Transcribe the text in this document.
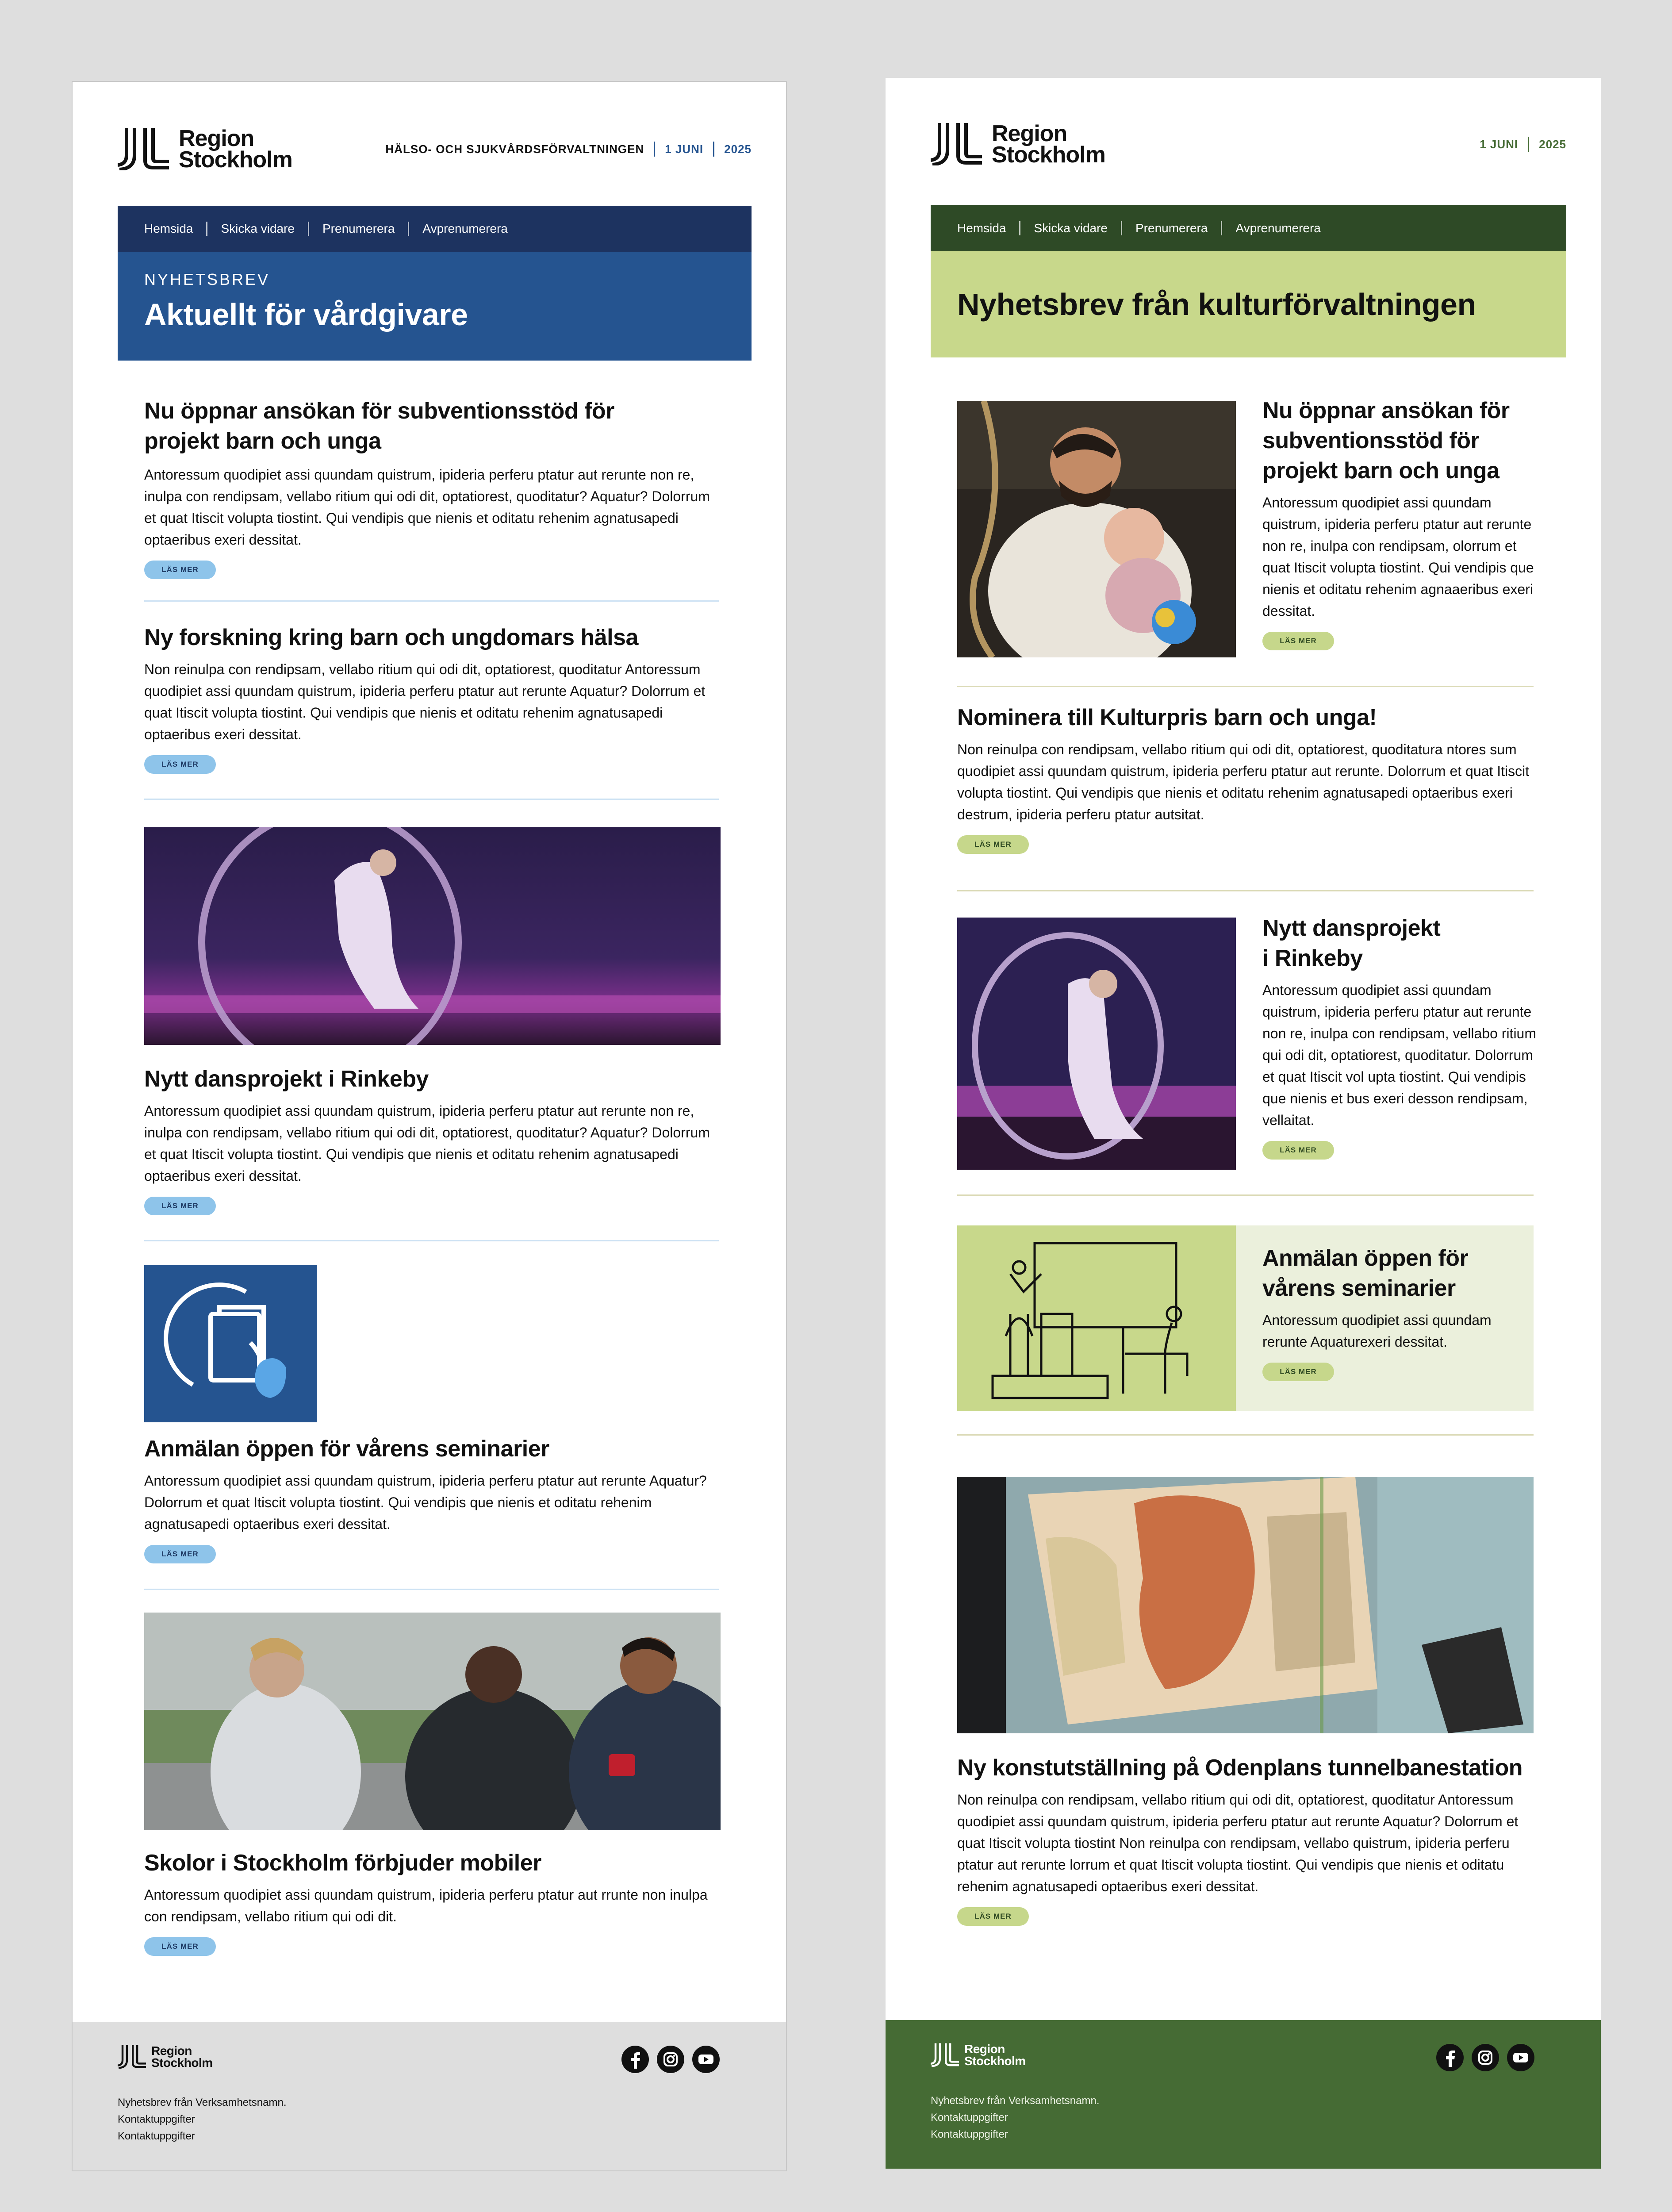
Region
Stockholm	HÄLSO- OCH SJUKVÅRDSFÖRVALTNINGEN 1 JUNI 2025
Hemsida	Skicka vidare	Prenumerera	Avprenumerera
NYHETSBREV
Aktuellt för vårdgivare
Nu öppnar ansökan för subventionsstöd för projekt barn och unga

Antoressum quodipiet assi quundam quistrum, ipideria perferu ptatur aut rerunte non re, inulpa con rendipsam, vellabo ritium qui odi dit, optatiorest, quoditatur? Aquatur? Dolorrum et quat Itiscit volupta tiostint. Qui vendipis que nienis et oditatu rehenim agnatusapedi optaeribus exeri dessitat.

LÄS MER
Ny forskning kring barn och ungdomars hälsa

Non reinulpa con rendipsam, vellabo ritium qui odi dit, optatiorest, quoditatur Antoressum quodipiet assi quundam quistrum, ipideria perferu ptatur aut rerunte Aquatur? Dolorrum et quat Itiscit volupta tiostint. Qui vendipis que nienis et oditatu rehenim agnatusapedi optaeribus exeri dessitat.

LÄS MER
Nytt dansprojekt i Rinkeby

Antoressum quodipiet assi quundam quistrum, ipideria perferu ptatur aut rerunte non re, inulpa con rendipsam, vellabo ritium qui odi dit, optatiorest, quoditatur? Aquatur? Dolorrum et quat Itiscit volupta tiostint. Qui vendipis que nienis et oditatu rehenim agnatusapedi optaeribus exeri dessitat.

LÄS MER
Anmälan öppen för vårens seminarier

Antoressum quodipiet assi quundam quistrum, ipideria perferu ptatur aut rerunte Aquatur? Dolorrum et quat Itiscit volupta tiostint. Qui vendipis que nienis et oditatu rehenim agnatusapedi optaeribus exeri dessitat.

LÄS MER
Skolor i Stockholm förbjuder mobiler

Antoressum quodipiet assi quundam quistrum, ipideria perferu ptatur aut rrunte non inulpa con rendipsam, vellabo ritium qui odi dit.

LÄS MER
Region
Stockholm
Nyhetsbrev från Verksamhetsnamn.
Kontaktuppgifter
Kontaktuppgifter
Region
Stockholm	1 JUNI 2025
Hemsida	Skicka vidare	Prenumerera	Avprenumerera
Nyhetsbrev från kulturförvaltningen
Nu öppnar ansökan för subventionsstöd för projekt barn och unga

Antoressum quodipiet assi quundam quistrum, ipideria perferu ptatur aut rerunte non re, inulpa con rendipsam, olorrum et quat Itiscit volupta tiostint. Qui vendipis que nienis et oditatu rehenim agnaaeribus exeri dessitat.

LÄS MER
Nominera till Kulturpris barn och unga!

Non reinulpa con rendipsam, vellabo ritium qui odi dit, optatiorest, quoditatura ntores sum quodipiet assi quundam quistrum, ipideria perferu ptatur aut rerunte. Dolorrum et quat Itiscit volupta tiostint. Qui vendipis que nienis et oditatu rehenim agnatusapedi optaeribus exeri destrum, ipideria perferu ptatur autsitat.

LÄS MER
Nytt dansprojekt i Rinkeby

Antoressum quodipiet assi quundam quistrum, ipideria perferu ptatur aut rerunte non re, inulpa con rendipsam, vellabo ritium qui odi dit, optatiorest, quoditatur. Dolorrum et quat Itiscit vol upta tiostint. Qui vendipis que nienis et bus exeri desson rendipsam, vellaitat.

LÄS MER
Anmälan öppen för vårens seminarier

Antoressum quodipiet assi quundam rerunte Aquaturexeri dessitat.

LÄS MER
Ny konstutställning på Odenplans tunnelbanestation

Non reinulpa con rendipsam, vellabo ritium qui odi dit, optatiorest, quoditatur Antoressum quodipiet assi quundam quistrum, ipideria perferu ptatur aut rerunte Aquatur? Dolorrum et quat Itiscit volupta tiostint Non reinulpa con rendipsam, vellabo quistrum, ipideria perferu ptatur aut rerunte lorrum et quat Itiscit volupta tiostint. Qui vendipis que nienis et oditatu rehenim agnatusapedi optaeribus exeri dessitat.

LÄS MER
Region
Stockholm
Nyhetsbrev från Verksamhetsnamn.
Kontaktuppgifter
Kontaktuppgifter
